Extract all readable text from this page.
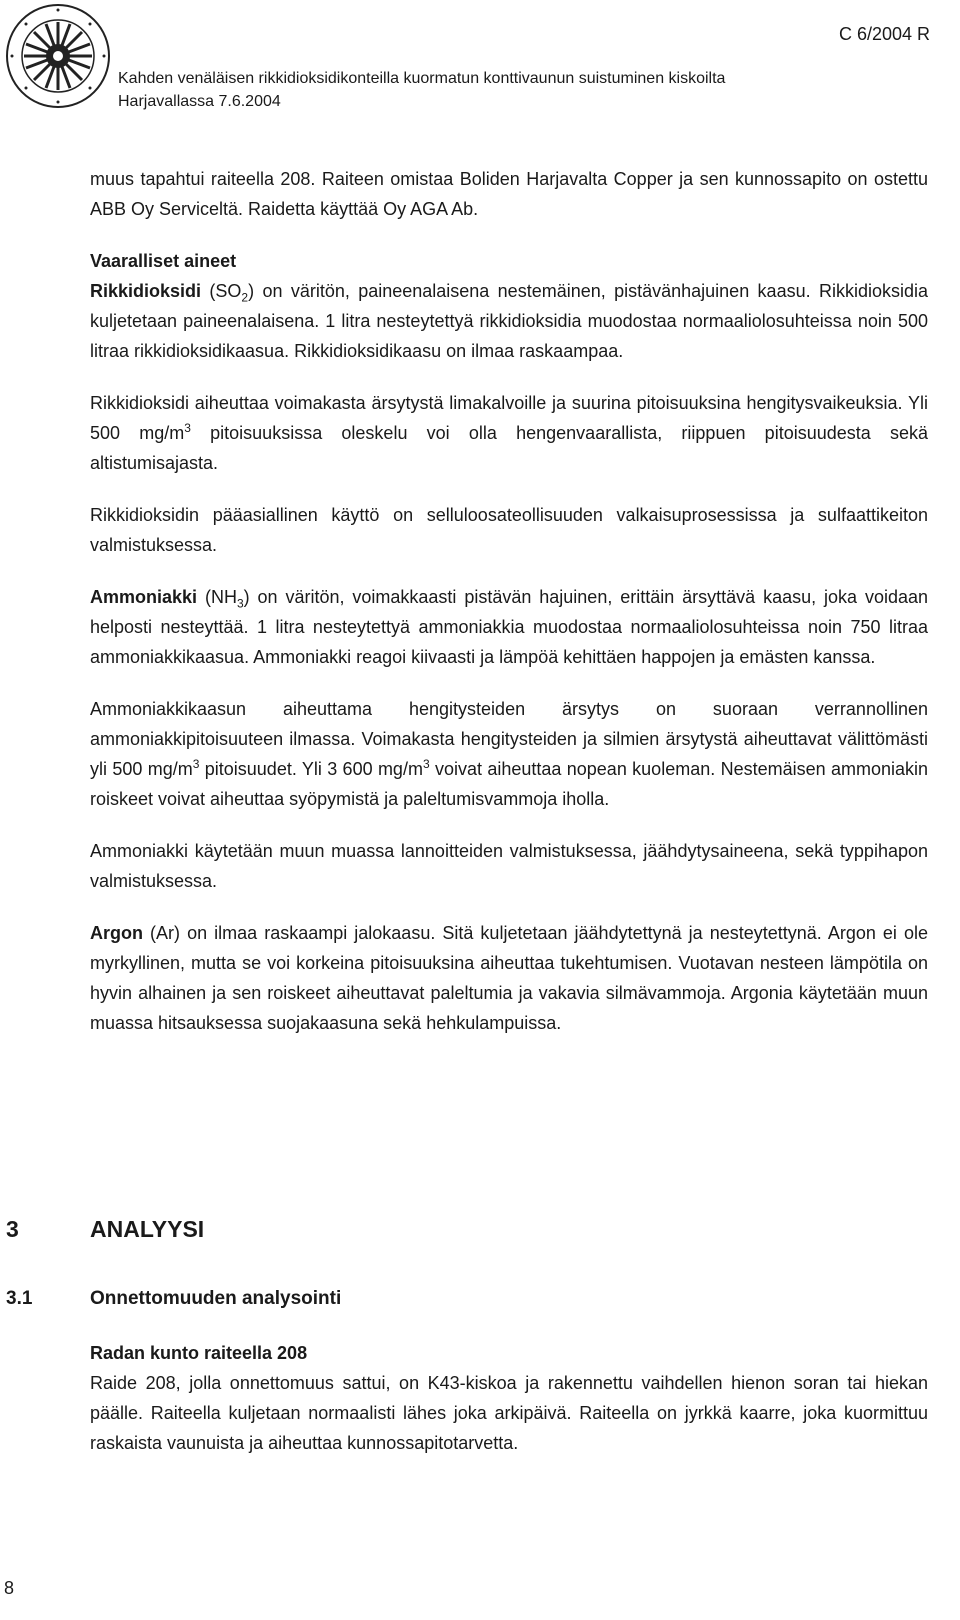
C 6/2004 R
Kahden venäläisen rikkidioksidikonteilla kuormatun konttivaunun suistuminen kiskoilta
Harjavallassa 7.6.2004

muus tapahtui raiteella 208. Raiteen omistaa Boliden Harjavalta Copper ja sen kunnossapito on ostettu ABB Oy Serviceltä. Raidetta käyttää Oy AGA Ab.

Vaaralliset aineet

Rikkidioksidi $(SO_2)$ on väritön, paineenalaisena nestemäinen, pistävänhajuinen kaasu. Rikkidioksidia kuljetetaan paineenalaisena. 1 litra nesteytettyä rikkidioksidia muodostaa normaaliolosuhteissa noin 500 litraa rikkidioksidikaasua. Rikkidioksidikaasu on ilmaa raskaampaa.

Rikkidioksidi aiheuttaa voimakasta ärsytystä limakalvoille ja suurina pitoisuuksina hengitysvaikeuksia. Yli 500 $mg/m^3$ pitoisuuksissa oleskelu voi olla hengenvaarallista, riippuen pitoisuudesta sekä altistumisajasta.

Rikkidioksidin pääasiallinen käyttö on selluloosateollisuuden valkaisuprosessissa ja sulfaattikeiton valmistuksessa.

Ammoniakki $(NH_3)$ on väritön, voimakkaasti pistävän hajuinen, erittäin ärsyttävä kaasu, joka voidaan helposti nesteyttää. 1 litra nesteytettyä ammoniakkia muodostaa normaaliolosuhteissa noin 750 litraa ammoniakkikaasua. Ammoniakki reagoi kiivaasti ja lämpöä kehittäen happojen ja emästen kanssa.

Ammoniakkikaasun aiheuttama hengitysteiden ärsytys on suoraan verrannollinen ammoniakkipitoisuuteen ilmassa. Voimakasta hengitysteiden ja silmien ärsytystä aiheuttavat välittömästi yli 500 $mg/m^3$ pitoisuudet. Yli 3 600 $mg/m^3$ voivat aiheuttaa nopean kuoleman. Nestemäisen ammoniakin roiskeet voivat aiheuttaa syöpymistä ja paleltumisvammoja iholla.

Ammoniakki käytetään muun muassa lannoitteiden valmistuksessa, jäähdytysaineena, sekä typpihapon valmistuksessa.

Argon (Ar) on ilmaa raskaampi jalokaasu. Sitä kuljetetaan jäähdytettynä ja nesteytettynä. Argon ei ole myrkyllinen, mutta se voi korkeina pitoisuuksina aiheuttaa tukehtumisen. Vuotavan nesteen lämpötila on hyvin alhainen ja sen roiskeet aiheuttavat paleltumia ja vakavia silmävammoja. Argonia käytetään muun muassa hitsauksessa suojakaasuna sekä hehkulampuissa.

3	ANALYYSI
3.1	Onnettomuuden analysointi

Radan kunto raiteella 208

Raide 208, jolla onnettomuus sattui, on K43-kiskoa ja rakennettu vaihdellen hienon soran tai hiekan päälle. Raiteella kuljetaan normaalisti lähes joka arkipäivä. Raiteella on jyrkkä kaarre, joka kuormittuu raskaista vaunuista ja aiheuttaa kunnossapitotarvetta.

8
